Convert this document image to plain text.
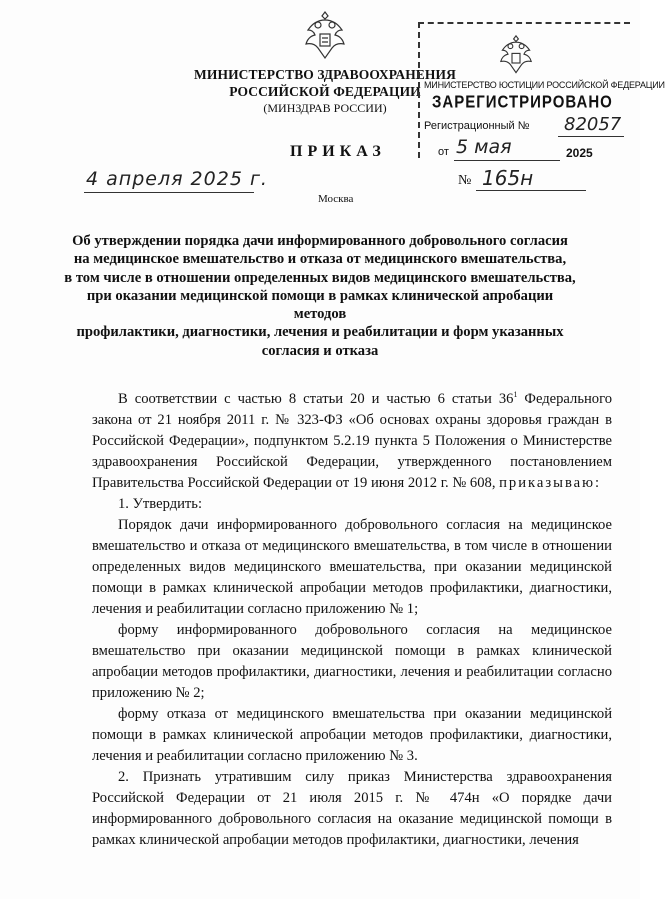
МИНИСТЕРСТВО ЗДРАВООХРАНЕНИЯ
РОССИЙСКОЙ ФЕДЕРАЦИИ
(МИНЗДРАВ РОССИИ)
МИНИСТЕРСТВО ЮСТИЦИИ РОССИЙСКОЙ ФЕДЕРАЦИИ
ЗАРЕГИСТРИРОВАНО
Регистрационный № 82057
от 5 мая	2025
ПРИКАЗ
4 апреля 2025 г.	№ 165н
Москва
Об утверждении порядка дачи информированного добровольного согласия
на медицинское вмешательство и отказа от медицинского вмешательства,
в том числе в отношении определенных видов медицинского вмешательства,
при оказании медицинской помощи в рамках клинической апробации методов
профилактики, диагностики, лечения и реабилитации и форм указанных
согласия и отказа

В соответствии с частью 8 статьи 20 и частью 6 статьи $36^1$ Федерального закона от 21 ноября 2011 г. № 323-ФЗ «Об основах охраны здоровья граждан в Российской Федерации», подпунктом 5.2.19 пункта 5 Положения о Министерстве здравоохранения Российской Федерации, утвержденного постановлением Правительства Российской Федерации от 19 июня 2012 г. № 608, приказываю:

1. Утвердить:

Порядок дачи информированного добровольного согласия на медицинское вмешательство и отказа от медицинского вмешательства, в том числе в отношении определенных видов медицинского вмешательства, при оказании медицинской помощи в рамках клинической апробации методов профилактики, диагностики, лечения и реабилитации согласно приложению № 1;

форму информированного добровольного согласия на медицинское вмешательство при оказании медицинской помощи в рамках клинической апробации методов профилактики, диагностики, лечения и реабилитации согласно приложению № 2;

форму отказа от медицинского вмешательства при оказании медицинской помощи в рамках клинической апробации методов профилактики, диагностики, лечения и реабилитации согласно приложению № 3.

2. Признать утратившим силу приказ Министерства здравоохранения Российской Федерации от 21 июля 2015 г. № 474н «О порядке дачи информированного добровольного согласия на оказание медицинской помощи в рамках клинической апробации методов профилактики, диагностики, лечения
